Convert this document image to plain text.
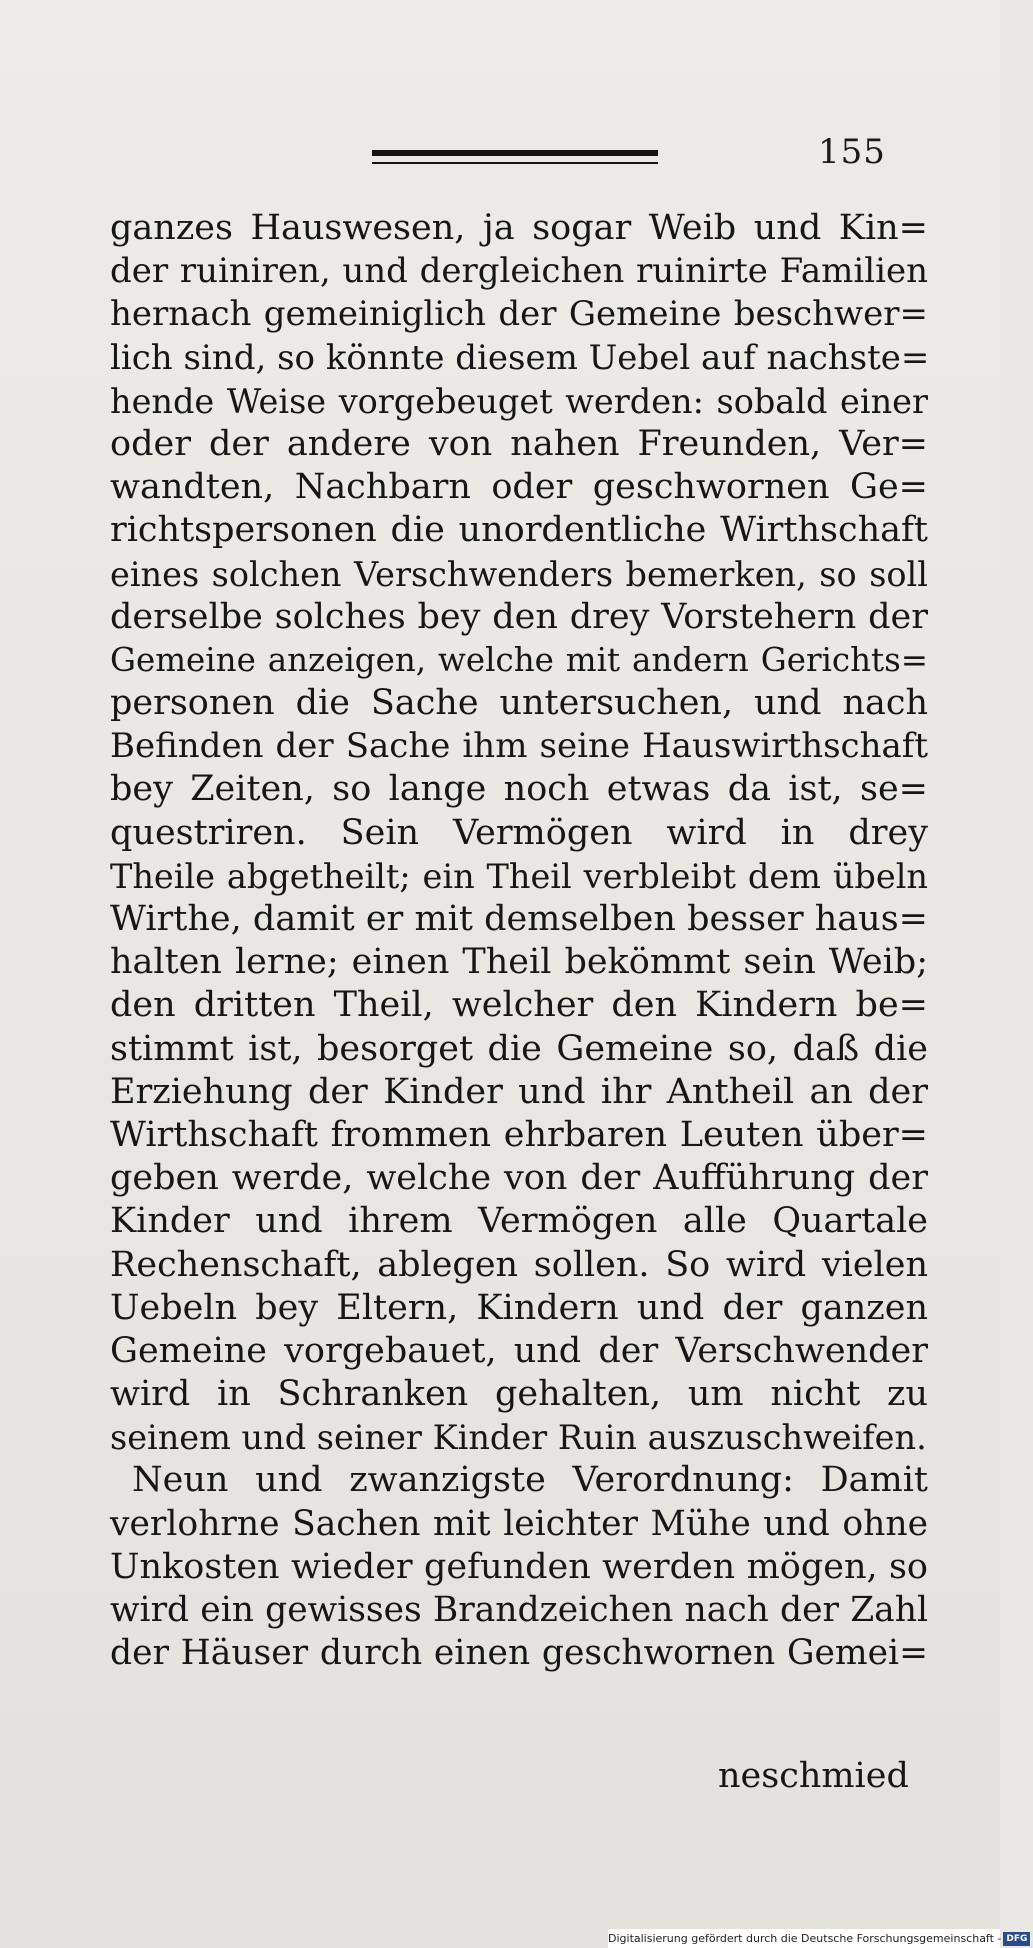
155
ganzes Hauswesen, ja sogar Weib und Kin=
der ruiniren, und dergleichen ruinirte Familien
hernach gemeiniglich der Gemeine beschwer=
lich sind, so könnte diesem Uebel auf nachste=
hende Weise vorgebeuget werden: sobald einer
oder der andere von nahen Freunden, Ver=
wandten, Nachbarn oder geschwornen Ge=
richtspersonen die unordentliche Wirthschaft
eines solchen Verschwenders bemerken, so soll
derselbe solches bey den drey Vorstehern der
Gemeine anzeigen, welche mit andern Gerichts=
personen die Sache untersuchen, und nach
Befinden der Sache ihm seine Hauswirthschaft
bey Zeiten, so lange noch etwas da ist, se=
questriren. Sein Vermögen wird in drey
Theile abgetheilt; ein Theil verbleibt dem übeln
Wirthe, damit er mit demselben besser haus=
halten lerne; einen Theil bekömmt sein Weib;
den dritten Theil, welcher den Kindern be=
stimmt ist, besorget die Gemeine so, daß die
Erziehung der Kinder und ihr Antheil an der
Wirthschaft frommen ehrbaren Leuten über=
geben werde, welche von der Aufführung der
Kinder und ihrem Vermögen alle Quartale
Rechenschaft, ablegen sollen. So wird vielen
Uebeln bey Eltern, Kindern und der ganzen
Gemeine vorgebauet, und der Verschwender
wird in Schranken gehalten, um nicht zu
seinem und seiner Kinder Ruin auszuschweifen.
Neun und zwanzigste Verordnung: Damit
verlohrne Sachen mit leichter Mühe und ohne
Unkosten wieder gefunden werden mögen, so
wird ein gewisses Brandzeichen nach der Zahl
der Häuser durch einen geschwornen Gemei=
neschmied
Digitalisierung gefördert durch die Deutsche Forschungsgemeinschaft - DFG
